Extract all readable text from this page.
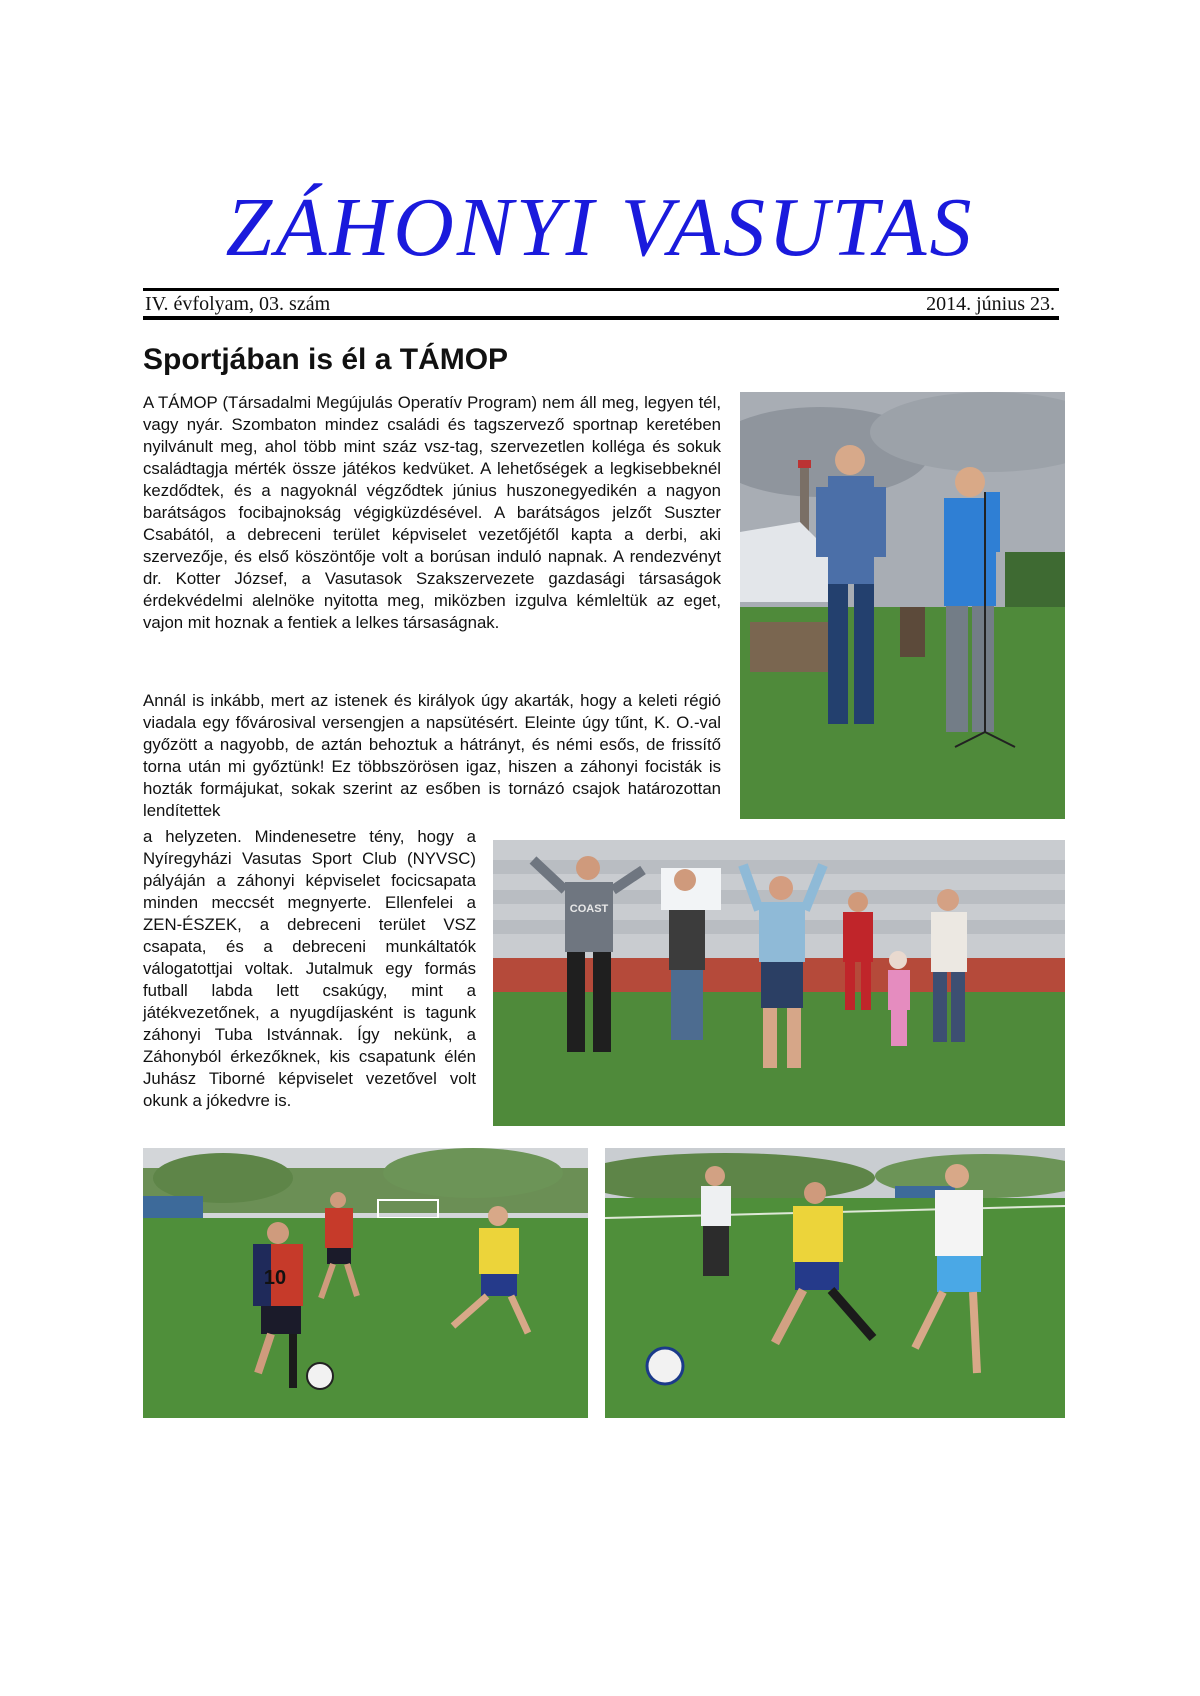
ZÁHONYI VASUTAS
IV. évfolyam, 03. szám	2014. június 23.
Sportjában is él a TÁMOP

A TÁMOP (Társadalmi Megújulás Operatív Program) nem áll meg, legyen tél, vagy nyár. Szombaton mindez családi és tagszervező sportnap keretében nyilvánult meg, ahol több mint száz vsz-tag, szervezetlen kolléga és sokuk családtagja mérték össze játékos kedvüket. A lehetőségek a legkisebbeknél kezdődtek, és a nagyoknál végződtek június huszonegyedikén a nagyon barátságos focibajnokság végigküzdésével. A barátságos jelzőt Suszter Csabától, a debreceni terület képviselet vezetőjétől kapta a derbi, aki szervezője, és első köszöntője volt a borúsan induló napnak. A rendezvényt dr. Kotter József, a Vasutasok Szakszervezete gazdasági társaságok érdekvédelmi alelnöke nyitotta meg, miközben izgulva kémleltük az eget, vajon mit hoznak a fentiek a lelkes társaságnak.

Annál is inkább, mert az istenek és királyok úgy akarták, hogy a keleti régió viadala egy fővárosival versengjen a napsütésért. Eleinte úgy tűnt, K. O.-val győzött a nagyobb, de aztán behoztuk a hátrányt, és némi esős, de frissítő torna után mi győztünk! Ez többszörösen igaz, hiszen a záhonyi focisták is hozták formájukat, sokak szerint az esőben is tornázó csajok határozottan lendítettek

a helyzeten. Mindenesetre tény, hogy a Nyíregyházi Vasutas Sport Club (NYVSC) pályáján a záhonyi képviselet focicsapata minden meccsét megnyerte. Ellenfelei a ZEN-ÉSZEK, a debreceni terület VSZ csapata, és a debreceni munkáltatók válogatottjai voltak. Jutalmuk egy formás futball labda lett csakúgy, mint a játékvezetőnek, a nyugdíjasként is tagunk záhonyi Tuba Istvánnak. Így nekünk, a Záhonyból érkezőknek, kis csapatunk élén Juhász Tiborné képviselet vezetővel volt okunk a jókedvre is.

COAST
10
